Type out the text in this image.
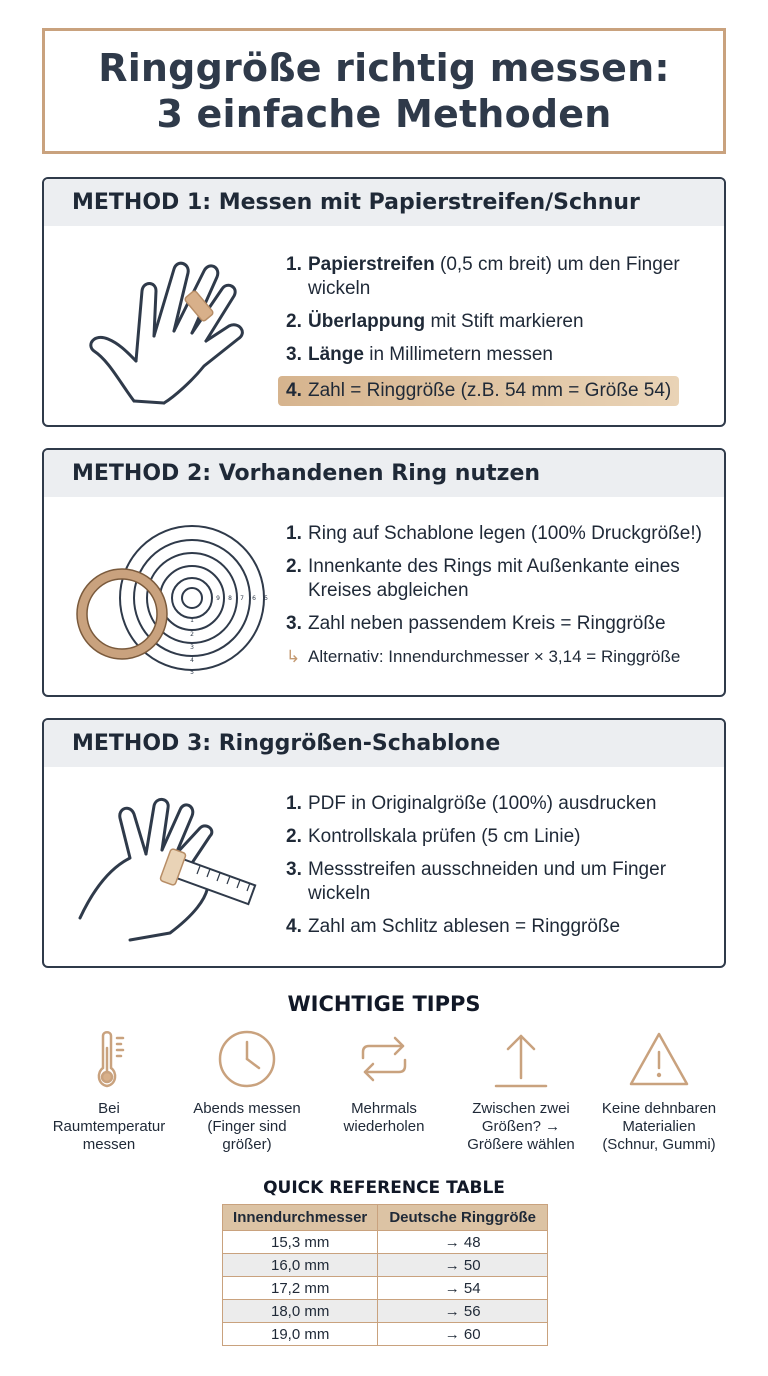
Ringgröße richtig messen:
3 einfache Methoden
METHOD 1: Messen mit Papierstreifen/Schnur
1. Papierstreifen (0,5 cm breit) um den Finger wickeln
2. Überlappung mit Stift markieren
3. Länge in Millimetern messen
4. Zahl = Ringgröße (z.B. 54 mm = Größe 54)
METHOD 2: Vorhandenen Ring nutzen
9 8 7 6 5
1
2
3
4
5
1. Ring auf Schablone legen (100% Druckgröße!)
2. Innenkante des Rings mit Außenkante eines Kreises abgleichen
3. Zahl neben passendem Kreis = Ringgröße
↳ Alternativ: Innendurchmesser × 3,14 = Ringgröße
METHOD 3: Ringgrößen-Schablone
1. PDF in Originalgröße (100%) ausdrucken
2. Kontrollskala prüfen (5 cm Linie)
3. Messstreifen ausschneiden und um Finger wickeln
4. Zahl am Schlitz ablesen = Ringgröße
WICHTIGE TIPPS
Bei Raumtemperatur messen
Abends messen (Finger sind größer)
Mehrmals wiederholen
Zwischen zwei Größen? → Größere wählen
Keine dehnbaren Materialien (Schnur, Gummi)
QUICK REFERENCE TABLE
Innendurchmesser	Deutsche Ringgröße
15,3 mm	→ 48
16,0 mm	→ 50
17,2 mm	→ 54
18,0 mm	→ 56
19,0 mm	→ 60
